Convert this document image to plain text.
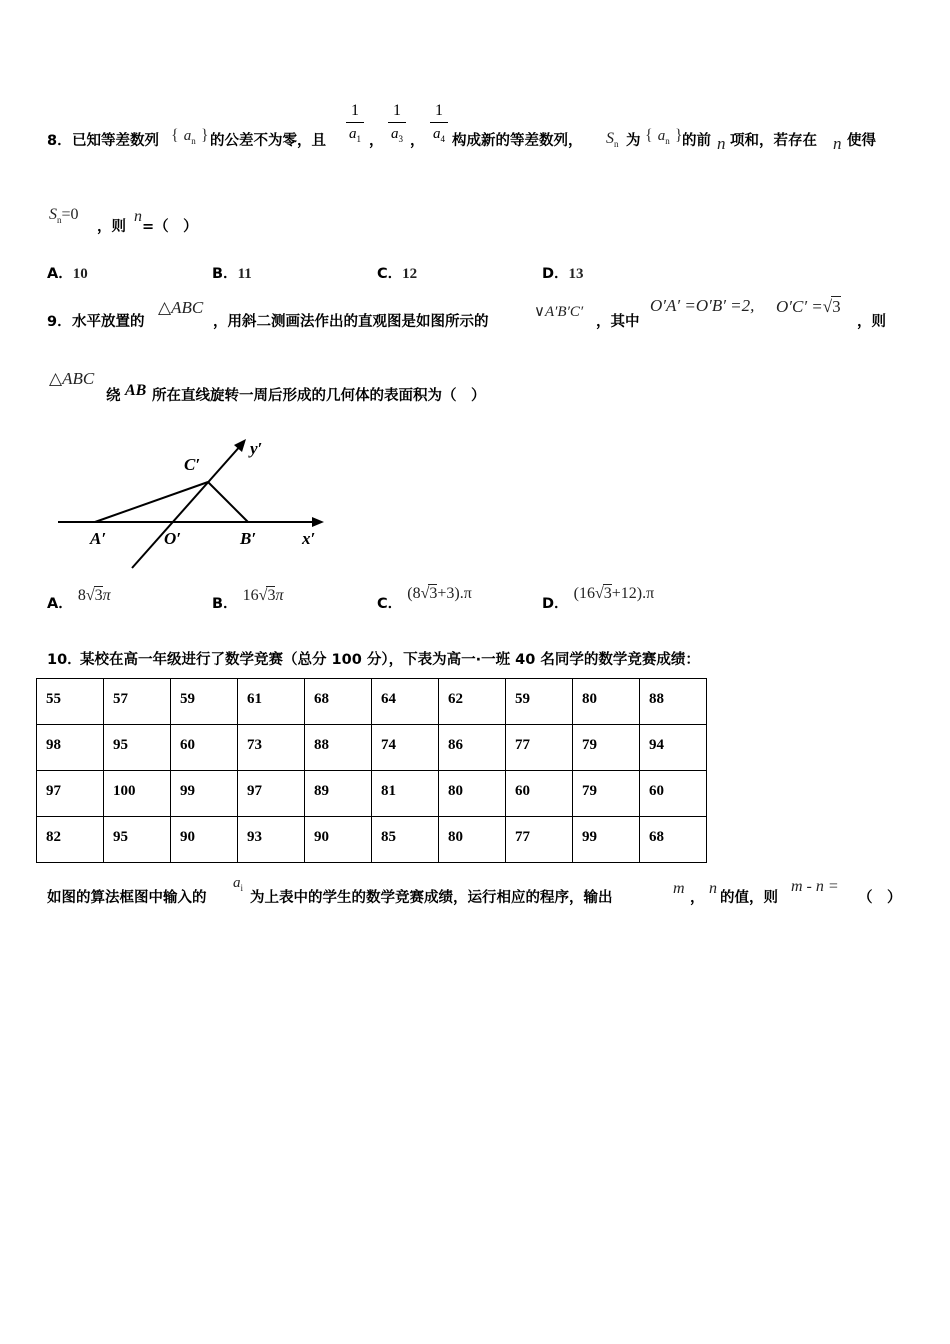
8． 已知等差数列 { $a_n$ } 的公差不为零，且
1
$a_1$ ，
1
$a_3$ ，
1
$a_4$ 构成新的等差数列， $S_n$ 为 { $a_n$ } 的前 n 项和，若存在 n 使得
$S_n=0$
，则
n
=（　）
A．10	B．11	C．12	D．13
9． 水平放置的
△ABC
，用斜二测画法作出的直观图是如图所示的
∨A′B′C′
，其中
O′A′ =O′B′ =2, O′C′ =√3
，则
△ABC
绕 AB 所在直线旋转一周后形成的几何体的表面积为（　）
C′
y′
A′	O′	B′	x′
A． 8√3π	B． 16√3π	C． (8√3+3).π
D． (16√3+12).π
10．
某校在高一年级进行了数学竞赛（总分 100 分），下表为高一·一班 40 名同学的数学竞赛成绩：
55	57	59	61	68	64	62	59	80	88
98	95	60	73	88	74	86	77	79	94
97	100	99	97	89	81	80	60	79	60
82	95	90	93	90	85	80	77	99	68
如图的算法框图中输入的
$a_i$
为上表中的学生的数学竞赛成绩，运行相应的程序，输出
m
，
n
的值，则
m - n =
（　）
